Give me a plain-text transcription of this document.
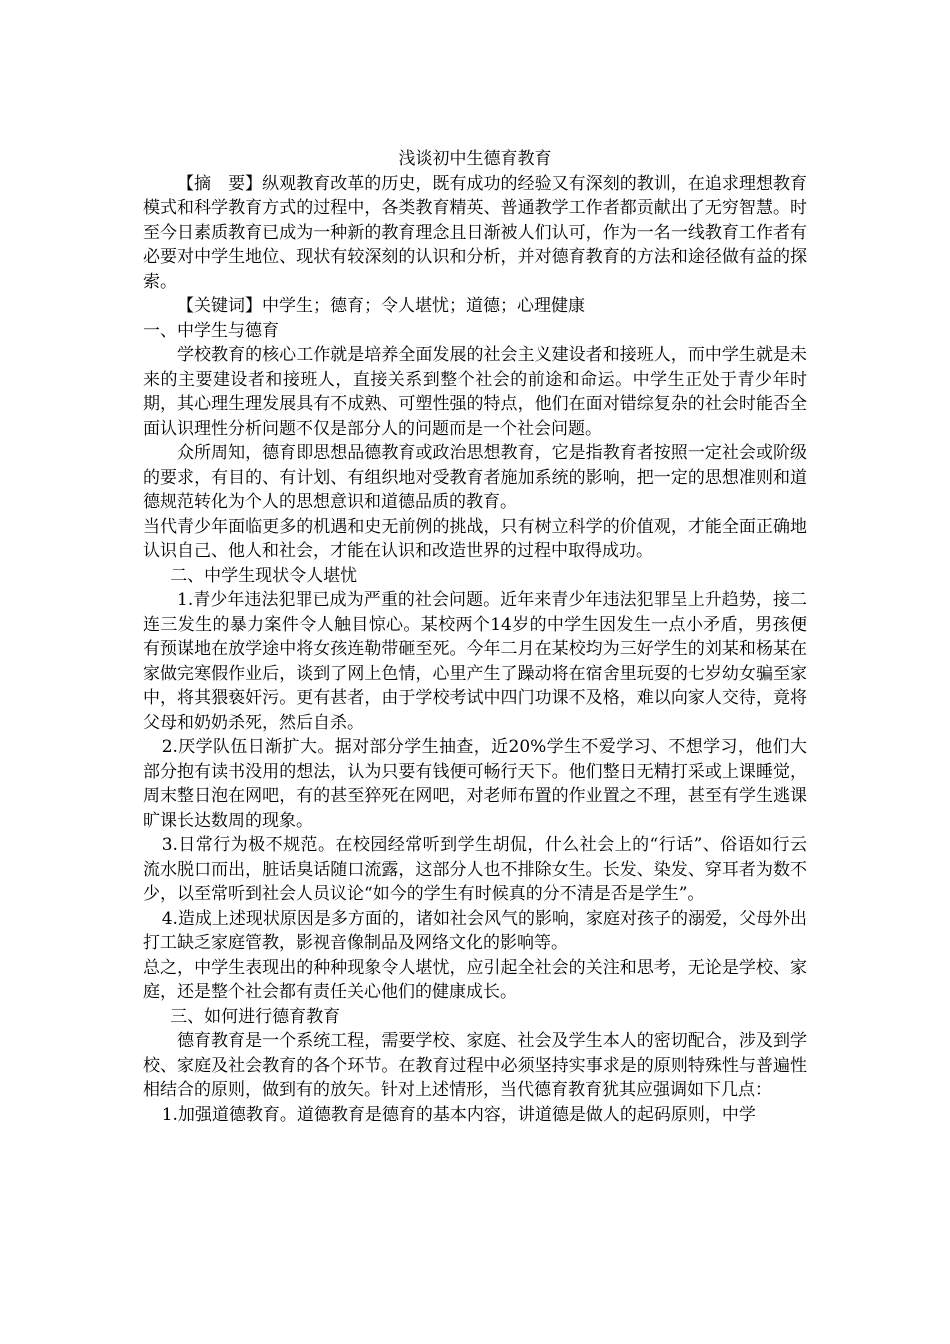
浅谈初中生德育教育

【摘　要】纵观教育改革的历史，既有成功的经验又有深刻的教训，在追求理想教育模式和科学教育方式的过程中，各类教育精英、普通教学工作者都贡献出了无穷智慧。时至今日素质教育已成为一种新的教育理念且日渐被人们认可，作为一名一线教育工作者有必要对中学生地位、现状有较深刻的认识和分析，并对德育教育的方法和途径做有益的探索。

【关键词】中学生；德育；令人堪忧；道德；心理健康

一、中学生与德育

学校教育的核心工作就是培养全面发展的社会主义建设者和接班人，而中学生就是未来的主要建设者和接班人，直接关系到整个社会的前途和命运。中学生正处于青少年时期，其心理生理发展具有不成熟、可塑性强的特点，他们在面对错综复杂的社会时能否全面认识理性分析问题不仅是部分人的问题而是一个社会问题。

众所周知，德育即思想品德教育或政治思想教育，它是指教育者按照一定社会或阶级的要求，有目的、有计划、有组织地对受教育者施加系统的影响，把一定的思想准则和道德规范转化为个人的思想意识和道德品质的教育。

当代青少年面临更多的机遇和史无前例的挑战，只有树立科学的价值观，才能全面正确地认识自己、他人和社会，才能在认识和改造世界的过程中取得成功。

二、中学生现状令人堪忧

1.青少年违法犯罪已成为严重的社会问题。近年来青少年违法犯罪呈上升趋势，接二连三发生的暴力案件令人触目惊心。某校两个14岁的中学生因发生一点小矛盾，男孩便有预谋地在放学途中将女孩连勒带砸至死。今年二月在某校均为三好学生的刘某和杨某在家做完寒假作业后，谈到了网上色情，心里产生了躁动将在宿舍里玩耍的七岁幼女骗至家中，将其猥亵奸污。更有甚者，由于学校考试中四门功课不及格，难以向家人交待，竟将父母和奶奶杀死，然后自杀。

2.厌学队伍日渐扩大。据对部分学生抽查，近20%学生不爱学习、不想学习，他们大部分抱有读书没用的想法，认为只要有钱便可畅行天下。他们整日无精打采或上课睡觉，周末整日泡在网吧，有的甚至猝死在网吧，对老师布置的作业置之不理，甚至有学生逃课旷课长达数周的现象。

3.日常行为极不规范。在校园经常听到学生胡侃，什么社会上的“行话”、俗语如行云流水脱口而出，脏话臭话随口流露，这部分人也不排除女生。长发、染发、穿耳者为数不少，以至常听到社会人员议论“如今的学生有时候真的分不清是否是学生”。

4.造成上述现状原因是多方面的，诸如社会风气的影响，家庭对孩子的溺爱，父母外出打工缺乏家庭管教，影视音像制品及网络文化的影响等。

总之，中学生表现出的种种现象令人堪忧，应引起全社会的关注和思考，无论是学校、家庭，还是整个社会都有责任关心他们的健康成长。

三、如何进行德育教育

德育教育是一个系统工程，需要学校、家庭、社会及学生本人的密切配合，涉及到学校、家庭及社会教育的各个环节。在教育过程中必须坚持实事求是的原则特殊性与普遍性相结合的原则，做到有的放矢。针对上述情形，当代德育教育犹其应强调如下几点：

1.加强道德教育。道德教育是德育的基本内容，讲道德是做人的起码原则，中学
